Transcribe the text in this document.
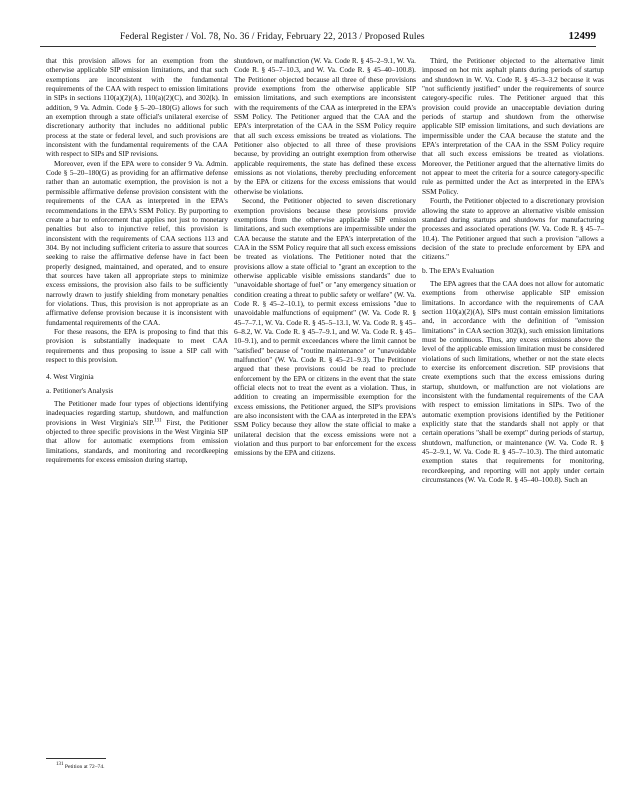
Federal Register / Vol. 78, No. 36 / Friday, February 22, 2013 / Proposed Rules	12499

that this provision allows for an exemption from the otherwise applicable SIP emission limitations, and that such exemptions are inconsistent with the fundamental requirements of the CAA with respect to emission limitations in SIPs in sections 110(a)(2)(A), 110(a)(2)(C), and 302(k). In addition, 9 Va. Admin. Code § 5–20–180(G) allows for such an exemption through a state official's unilateral exercise of discretionary authority that includes no additional public process at the state or federal level, and such provisions are inconsistent with the fundamental requirements of the CAA with respect to SIPs and SIP revisions.

Moreover, even if the EPA were to consider 9 Va. Admin. Code § 5–20–180(G) as providing for an affirmative defense rather than an automatic exemption, the provision is not a permissible affirmative defense provision consistent with the requirements of the CAA as interpreted in the EPA's recommendations in the EPA's SSM Policy. By purporting to create a bar to enforcement that applies not just to monetary penalties but also to injunctive relief, this provision is inconsistent with the requirements of CAA sections 113 and 304. By not including sufficient criteria to assure that sources seeking to raise the affirmative defense have in fact been properly designed, maintained, and operated, and to ensure that sources have taken all appropriate steps to minimize excess emissions, the provision also fails to be sufficiently narrowly drawn to justify shielding from monetary penalties for violations. Thus, this provision is not appropriate as an affirmative defense provision because it is inconsistent with fundamental requirements of the CAA.

For these reasons, the EPA is proposing to find that this provision is substantially inadequate to meet CAA requirements and thus proposing to issue a SIP call with respect to this provision.

4. West Virginia
a. Petitioner's Analysis

The Petitioner made four types of objections identifying inadequacies regarding startup, shutdown, and malfunction provisions in West Virginia's SIP.$^{131}$ First, the Petitioner objected to three specific provisions in the West Virginia SIP that allow for automatic exemptions from emission limitations, standards, and monitoring and recordkeeping requirements for excess emission during startup,

shutdown, or malfunction (W. Va. Code R. § 45–2–9.1, W. Va. Code R. § 45–7–10.3, and W. Va. Code R. § 45–40–100.8). The Petitioner objected because all three of these provisions provide exemptions from the otherwise applicable SIP emission limitations, and such exemptions are inconsistent with the requirements of the CAA as interpreted in the EPA's SSM Policy. The Petitioner argued that the CAA and the EPA's interpretation of the CAA in the SSM Policy require that all such excess emissions be treated as violations. The Petitioner also objected to all three of these provisions because, by providing an outright exemption from otherwise applicable requirements, the state has defined these excess emissions as not violations, thereby precluding enforcement by the EPA or citizens for the excess emissions that would otherwise be violations.

Second, the Petitioner objected to seven discretionary exemption provisions because these provisions provide exemptions from the otherwise applicable SIP emission limitations, and such exemptions are impermissible under the CAA because the statute and the EPA's interpretation of the CAA in the SSM Policy require that all such excess emissions be treated as violations. The Petitioner noted that the provisions allow a state official to "grant an exception to the otherwise applicable visible emissions standards" due to "unavoidable shortage of fuel" or "any emergency situation or condition creating a threat to public safety or welfare" (W. Va. Code R. § 45–2–10.1), to permit excess emissions "due to unavoidable malfunctions of equipment" (W. Va. Code R. § 45–7–7.1, W. Va. Code R. § 45–5–13.1, W. Va. Code R. § 45–6–8.2, W. Va. Code R. § 45–7–9.1, and W. Va. Code R. § 45–10–9.1), and to permit exceedances where the limit cannot be "satisfied" because of "routine maintenance" or "unavoidable malfunction" (W. Va. Code R. § 45–21–9.3). The Petitioner argued that these provisions could be read to preclude enforcement by the EPA or citizens in the event that the state official elects not to treat the event as a violation. Thus, in addition to creating an impermissible exemption for the excess emissions, the Petitioner argued, the SIP's provisions are also inconsistent with the CAA as interpreted in the EPA's SSM Policy because they allow the state official to make a unilateral decision that the excess emissions were not a violation and thus purport to bar enforcement for the excess emissions by the EPA and citizens.

Third, the Petitioner objected to the alternative limit imposed on hot mix asphalt plants during periods of startup and shutdown in W. Va. Code R. § 45–3–3.2 because it was "not sufficiently justified" under the requirements of source category-specific rules. The Petitioner argued that this provision could provide an unacceptable deviation during periods of startup and shutdown from the otherwise applicable SIP emission limitations, and such deviations are impermissible under the CAA because the statute and the EPA's interpretation of the CAA in the SSM Policy require that all such excess emissions be treated as violations. Moreover, the Petitioner argued that the alternative limits do not appear to meet the criteria for a source category-specific rule as permitted under the Act as interpreted in the EPA's SSM Policy.

Fourth, the Petitioner objected to a discretionary provision allowing the state to approve an alternative visible emission standard during startups and shutdowns for manufacturing processes and associated operations (W. Va. Code R. § 45–7–10.4). The Petitioner argued that such a provision "allows a decision of the state to preclude enforcement by EPA and citizens."

b. The EPA's Evaluation

The EPA agrees that the CAA does not allow for automatic exemptions from otherwise applicable SIP emission limitations. In accordance with the requirements of CAA section 110(a)(2)(A), SIPs must contain emission limitations and, in accordance with the definition of "emission limitations" in CAA section 302(k), such emission limitations must be continuous. Thus, any excess emissions above the level of the applicable emission limitation must be considered violations of such limitations, whether or not the state elects to exercise its enforcement discretion. SIP provisions that create exemptions such that the excess emissions during startup, shutdown, or malfunction are not violations are inconsistent with the fundamental requirements of the CAA with respect to emission limitations in SIPs. Two of the automatic exemption provisions identified by the Petitioner explicitly state that the standards shall not apply or that certain operations "shall be exempt" during periods of startup, shutdown, malfunction, or maintenance (W. Va. Code R. § 45–2–9.1, W. Va. Code R. § 45–7–10.3). The third automatic exemption states that requirements for monitoring, recordkeeping, and reporting will not apply under certain circumstances (W. Va. Code R. § 45–40–100.8). Such an

$^{131}$ Petition at 72–74.
